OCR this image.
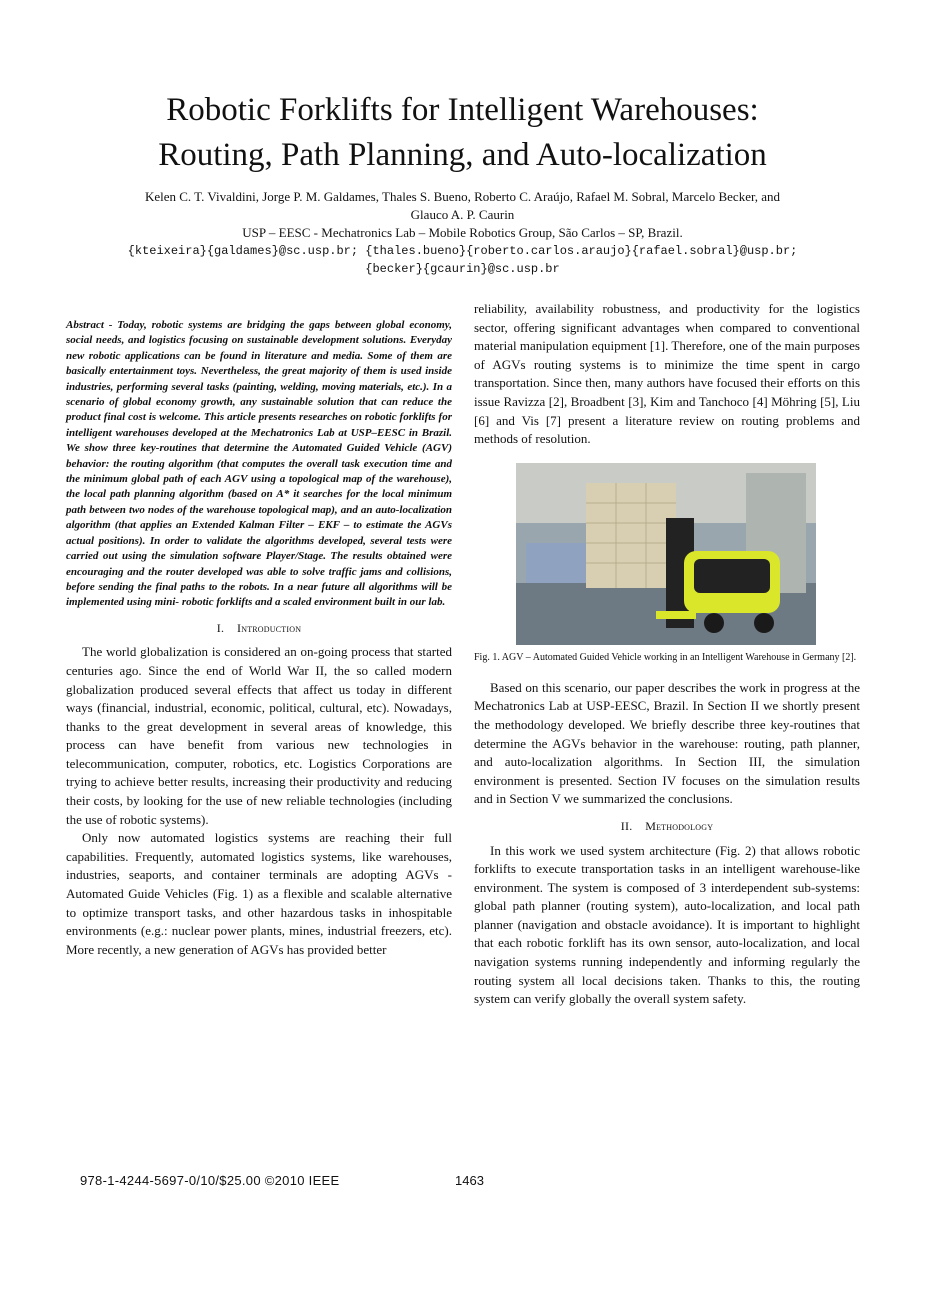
Robotic Forklifts for Intelligent Warehouses:
Routing, Path Planning, and Auto-localization
Kelen C. T. Vivaldini, Jorge P. M. Galdames, Thales S. Bueno, Roberto C. Araújo, Rafael M. Sobral, Marcelo Becker, and
Glauco A. P. Caurin
USP – EESC - Mechatronics Lab – Mobile Robotics Group, São Carlos – SP, Brazil.
{kteixeira}{galdames}@sc.usp.br; {thales.bueno}{roberto.carlos.araujo}{rafael.sobral}@usp.br;
{becker}{gcaurin}@sc.usp.br
Abstract - Today, robotic systems are bridging the gaps between global economy, social needs, and logistics focusing on sustainable development solutions. Everyday new robotic applications can be found in literature and media. Some of them are basically entertainment toys. Nevertheless, the great majority of them is used inside industries, performing several tasks (painting, welding, moving materials, etc.). In a scenario of global economy growth, any sustainable solution that can reduce the product final cost is welcome. This article presents researches on robotic forklifts for intelligent warehouses developed at the Mechatronics Lab at USP–EESC in Brazil. We show three key-routines that determine the Automated Guided Vehicle (AGV) behavior: the routing algorithm (that computes the overall task execution time and the minimum global path of each AGV using a topological map of the warehouse), the local path planning algorithm (based on A* it searches for the local minimum path between two nodes of the warehouse topological map), and an auto-localization algorithm (that applies an Extended Kalman Filter – EKF – to estimate the AGVs actual positions). In order to validate the algorithms developed, several tests were carried out using the simulation software Player/Stage. The results obtained were encouraging and the router developed was able to solve traffic jams and collisions, before sending the final paths to the robots. In a near future all algorithms will be implemented using mini- robotic forklifts and a scaled environment built in our lab.
I. Introduction

The world globalization is considered an on-going process that started centuries ago. Since the end of World War II, the so called modern globalization produced several effects that affect us today in different ways (financial, industrial, economic, political, cultural, etc). Nowadays, thanks to the great development in several areas of knowledge, this process can have benefit from various new technologies in telecommunication, computer, robotics, etc. Logistics Corporations are trying to achieve better results, increasing their productivity and reducing their costs, by looking for the use of new reliable technologies (including the use of robotic systems).

Only now automated logistics systems are reaching their full capabilities. Frequently, automated logistics systems, like warehouses, industries, seaports, and container terminals are adopting AGVs - Automated Guide Vehicles (Fig. 1) as a flexible and scalable alternative to optimize transport tasks, and other hazardous tasks in inhospitable environments (e.g.: nuclear power plants, mines, industrial freezers, etc). More recently, a new generation of AGVs has provided better

reliability, availability robustness, and productivity for the logistics sector, offering significant advantages when compared to conventional material manipulation equipment [1]. Therefore, one of the main purposes of AGVs routing systems is to minimize the time spent in cargo transportation. Since then, many authors have focused their efforts on this issue Ravizza [2], Broadbent [3], Kim and Tanchoco [4] Möhring [5], Liu [6] and Vis [7] present a literature review on routing problems and methods of resolution.

Fig. 1. AGV – Automated Guided Vehicle working in an Intelligent Warehouse in Germany [2].

Based on this scenario, our paper describes the work in progress at the Mechatronics Lab at USP-EESC, Brazil. In Section II we shortly present the methodology developed. We briefly describe three key-routines that determine the AGVs behavior in the warehouse: routing, path planner, and auto-localization algorithms. In Section III, the simulation environment is presented. Section IV focuses on the simulation results and in Section V we summarized the conclusions.

II. Methodology

In this work we used system architecture (Fig. 2) that allows robotic forklifts to execute transportation tasks in an intelligent warehouse-like environment. The system is composed of 3 interdependent sub-systems: global path planner (routing system), auto-localization, and local path planner (navigation and obstacle avoidance). It is important to highlight that each robotic forklift has its own sensor, auto-localization, and local navigation systems running independently and informing regularly the routing system all local decisions taken. Thanks to this, the routing system can verify globally the overall system safety.

978-1-4244-5697-0/10/$25.00 ©2010 IEEE	1463
